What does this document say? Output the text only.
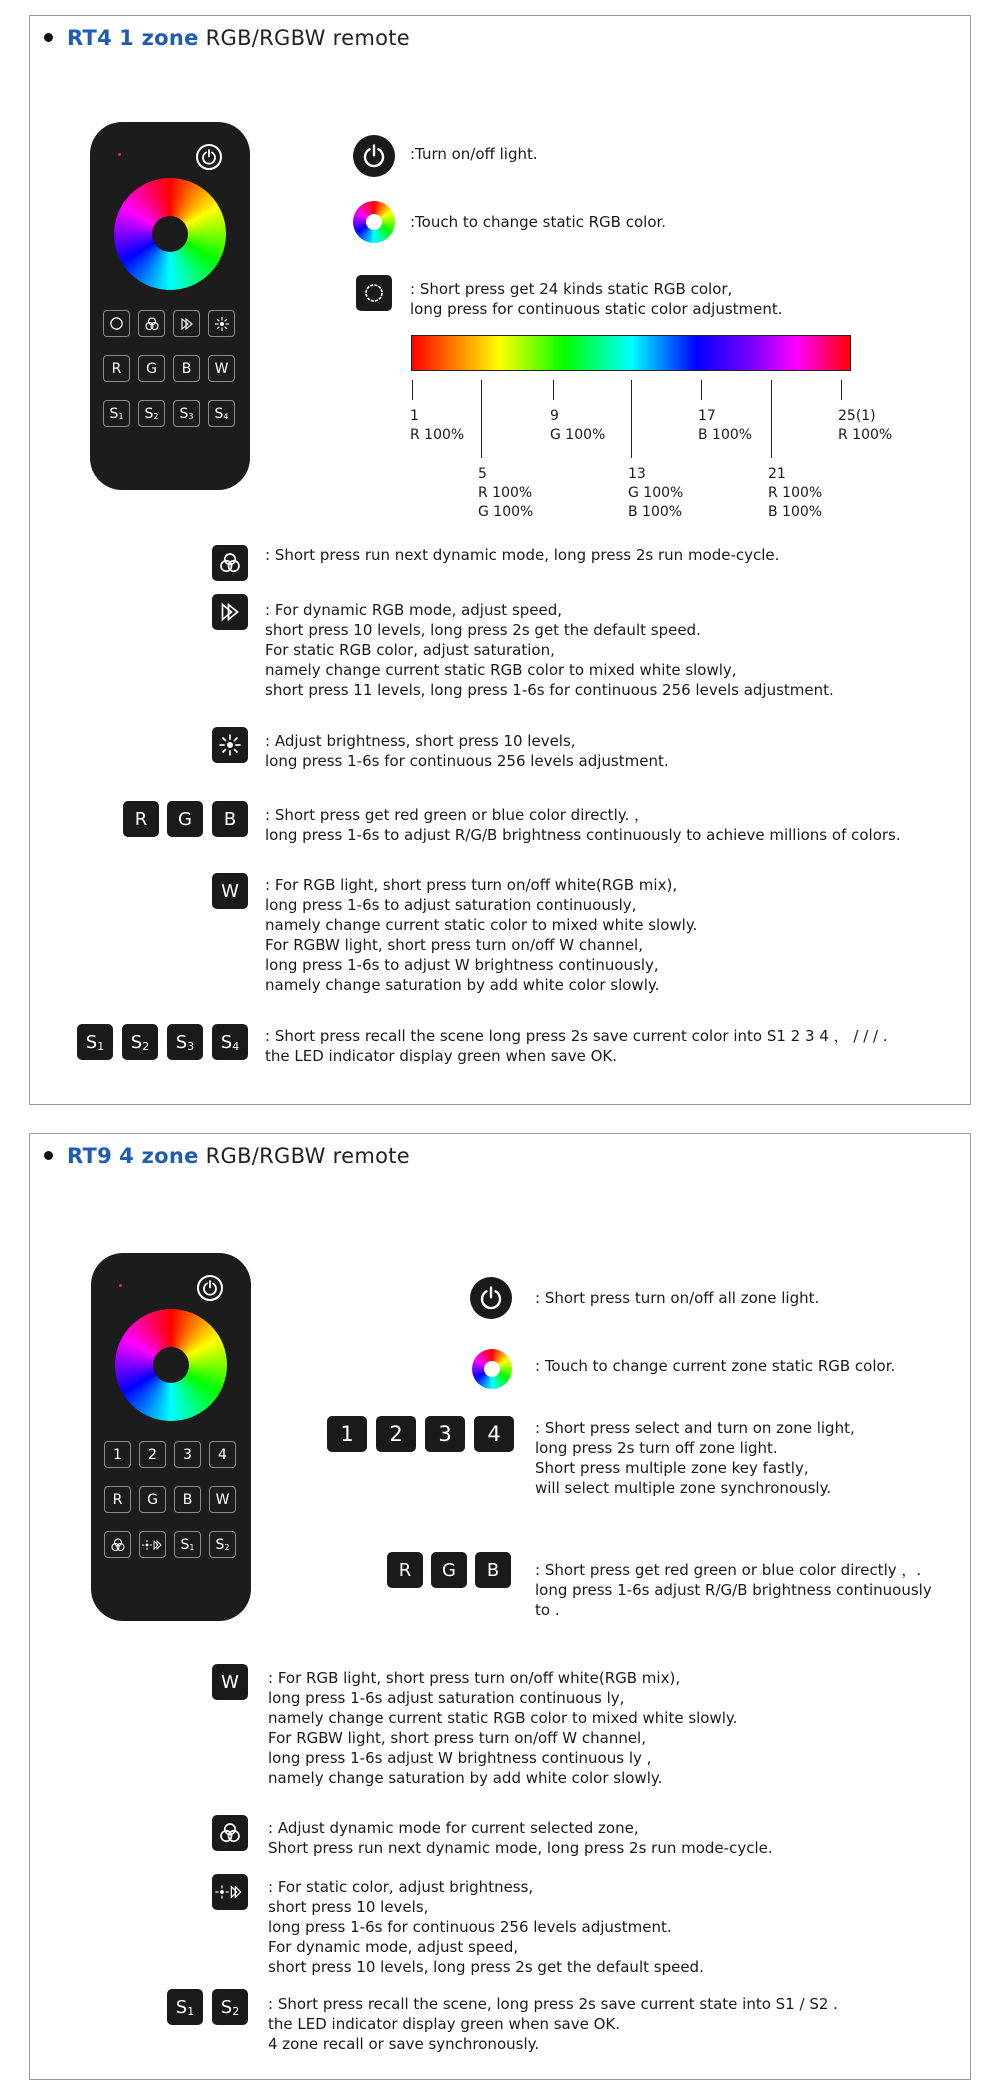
RT4 1 zone RGB/RGBW remote
R	G	B	W
S 1 S 2 S 3 S 4
:Turn on/off light.
:Touch to change static RGB color.
: Short press get 24 kinds static RGB color,
long press for continuous static color adjustment.
1
R 100%
5
R 100%
G 100%
9
G 100%
13
G 100%
B 100%
17
B 100%
21
R 100%
B 100%
25(1)
R 100%
: Short press run next dynamic mode, long press 2s run mode-cycle.
: For dynamic RGB mode, adjust speed,
short press 10 levels, long press 2s get the default speed.
For static RGB color, adjust saturation,
namely change current static RGB color to mixed white slowly,
short press 11 levels, long press 1-6s for continuous 256 levels adjustment.
: Adjust brightness, short press 10 levels,
long press 1-6s for continuous 256 levels adjustment.
R	G	B	: Short press get red green or blue color directly. ，
long press 1-6s to adjust R/G/B brightness continuously to achieve millions of colors.
W	: For RGB light, short press turn on/off white(RGB mix),
long press 1-6s to adjust saturation continuously,
namely change current static color to mixed white slowly.
For RGBW light, short press turn on/off W channel,
long press 1-6s to adjust W brightness continuously,
namely change saturation by add white color slowly.
S 1 S 2 S 3 S 4
: Short press recall the scene long press 2s save current color into S1 2 3 4 ， / / / .
the LED indicator display green when save OK.
RT9 4 zone RGB/RGBW remote
1	2	3	4
R	G	B	W
S 1 S 2
: Short press turn on/off all zone light.
: Touch to change current zone static RGB color.
1	2	3	4	: Short press select and turn on zone light,
long press 2s turn off zone light.
Short press multiple zone key fastly,
will select multiple zone synchronously.
R	G	B	: Short press get red green or blue color directly ，.
long press 1-6s adjust R/G/B brightness continuously
to .
W	: For RGB light, short press turn on/off white(RGB mix),
long press 1-6s adjust saturation continuous ly,
namely change current static RGB color to mixed white slowly.
For RGBW light, short press turn on/off W channel,
long press 1-6s adjust W brightness continuous ly ,
namely change saturation by add white color slowly.
: Adjust dynamic mode for current selected zone,
Short press run next dynamic mode, long press 2s run mode-cycle.
: For static color, adjust brightness,
short press 10 levels,
long press 1-6s for continuous 256 levels adjustment.
For dynamic mode, adjust speed,
short press 10 levels, long press 2s get the default speed.
S 1 S 2 : Short press recall the scene, long press 2s save current state into S1 / S2 .
the LED indicator display green when save OK.
4 zone recall or save synchronously.
